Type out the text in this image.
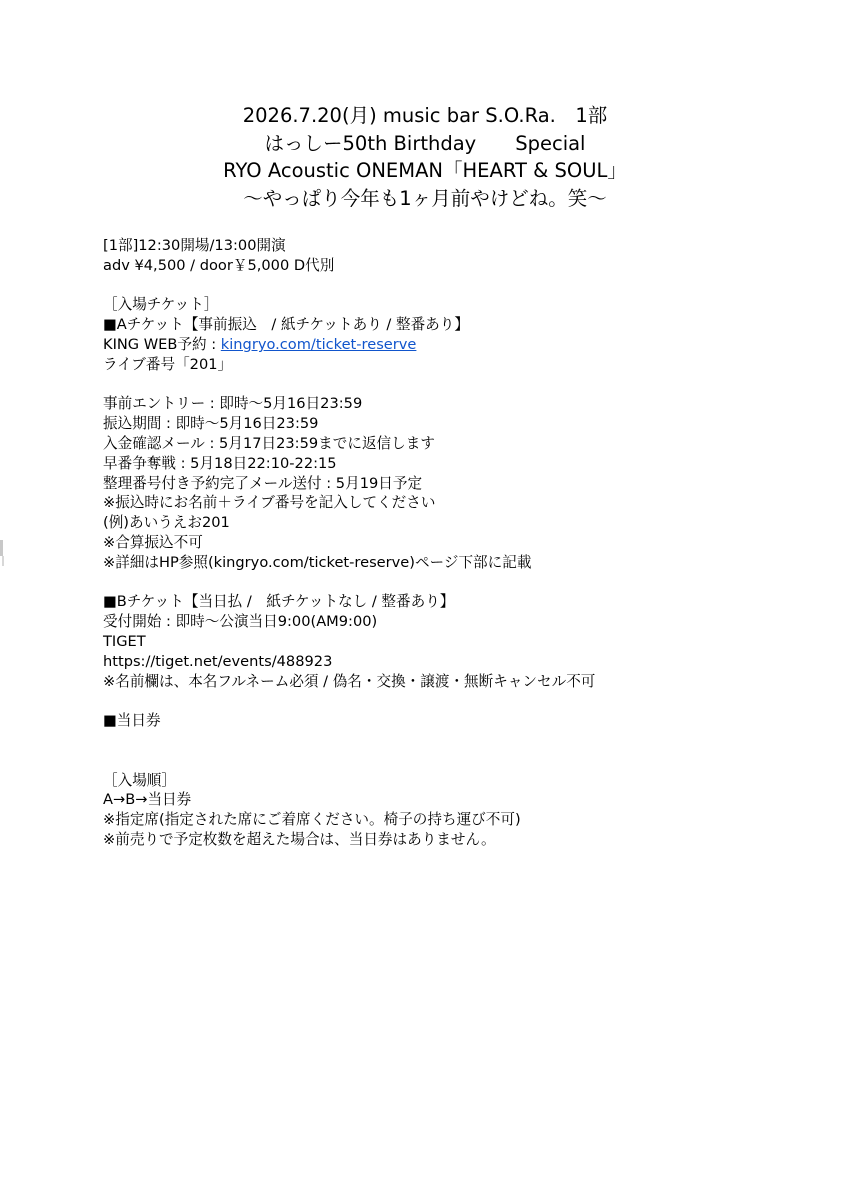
2026.7.20(月) music bar S.O.Ra.　1部
はっしー50th Birthday　　Special
RYO Acoustic ONEMAN「HEART & SOUL」
〜やっぱり今年も1ヶ月前やけどね。笑〜
[1部]12:30開場/13:00開演
adv ¥4,500 / door￥5,000 D代別
［入場チケット］
■Aチケット【事前振込　/ 紙チケットあり / 整番あり】
KING WEB予約 : kingryo.com/ticket-reserve
ライブ番号「201」
事前エントリー : 即時〜5月16日23:59
振込期間 : 即時〜5月16日23:59
入金確認メール : 5月17日23:59までに返信します
早番争奪戦 : 5月18日22:10-22:15
整理番号付き予約完了メール送付 : 5月19日予定
※振込時にお名前＋ライブ番号を記入してください
(例)あいうえお201
※合算振込不可
※詳細はHP参照(kingryo.com/ticket-reserve)ページ下部に記載
■Bチケット【当日払 /　紙チケットなし / 整番あり】
受付開始 : 即時〜公演当日9:00(AM9:00)
TIGET
https://tiget.net/events/488923
※名前欄は、本名フルネーム必須 / 偽名・交換・譲渡・無断キャンセル不可
■当日券
［入場順］
A→B→当日券
※指定席(指定された席にご着席ください。椅子の持ち運び不可)
※前売りで予定枚数を超えた場合は、当日券はありません。
